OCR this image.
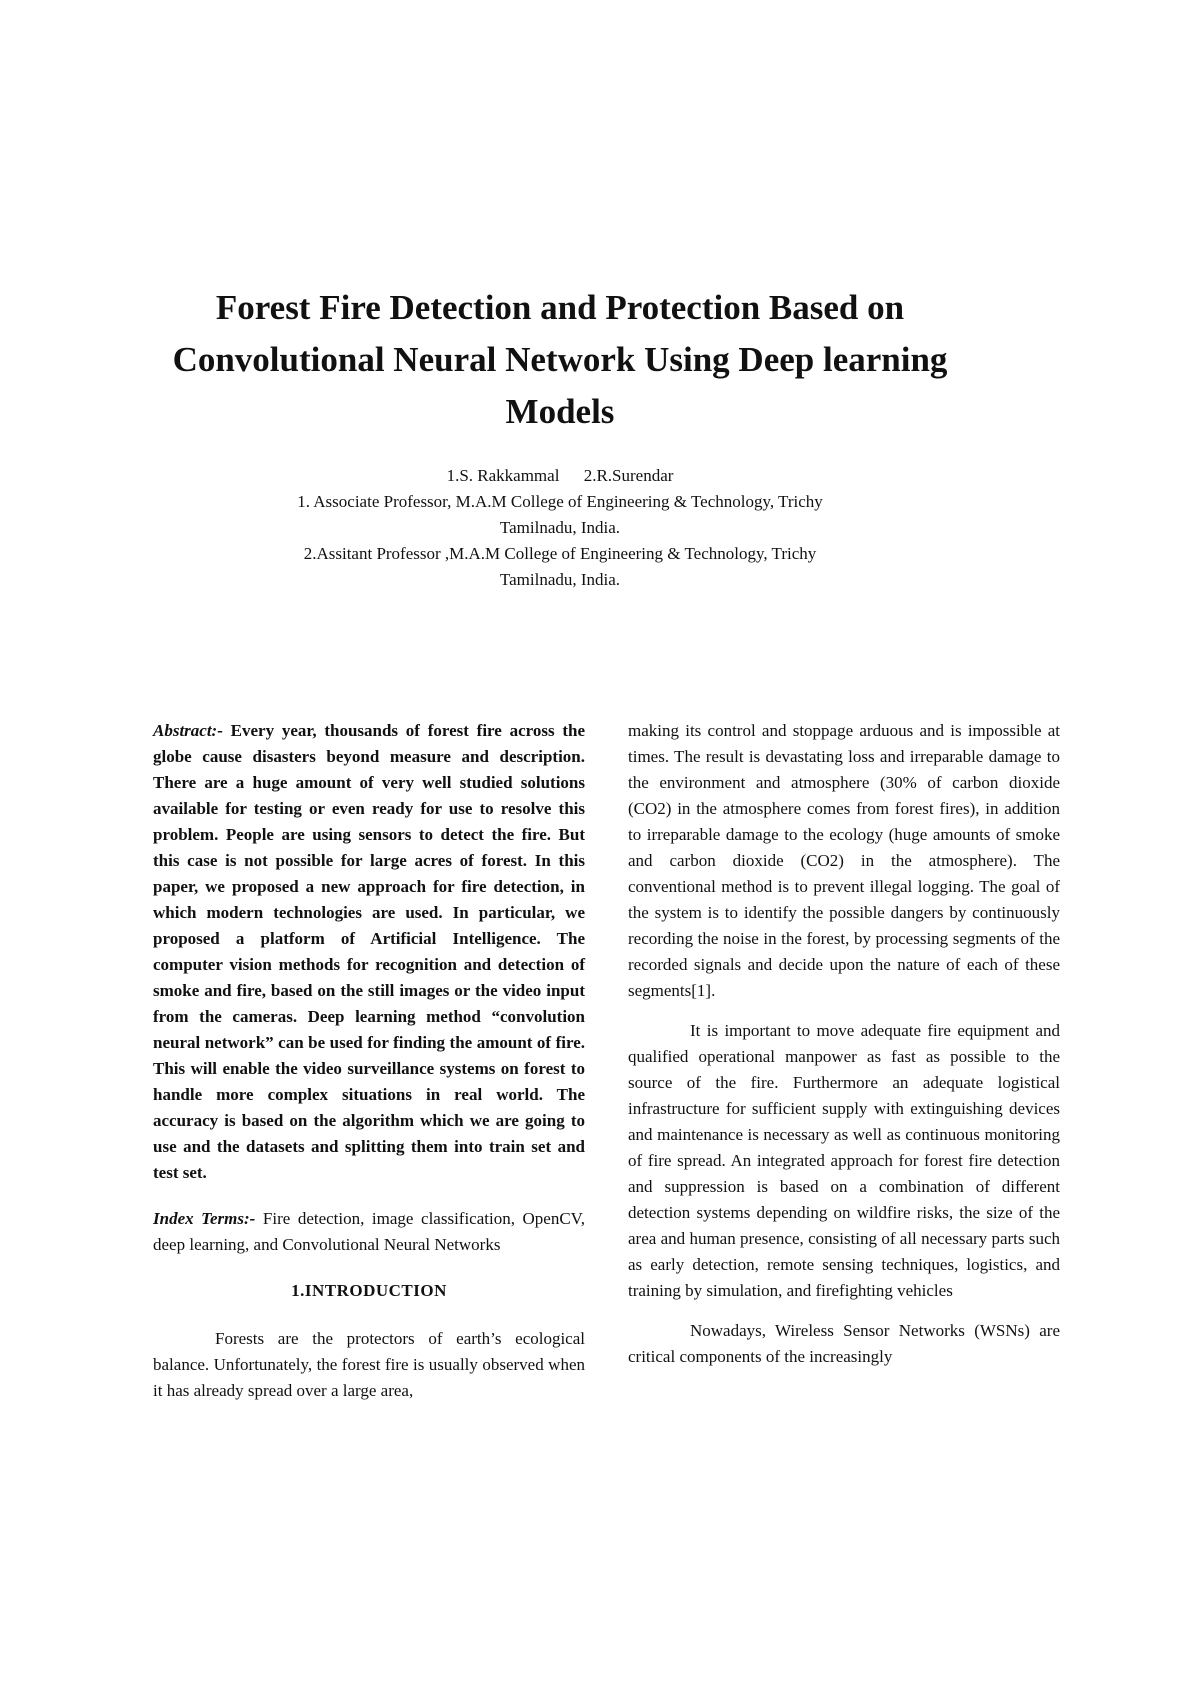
Forest Fire Detection and Protection Based on Convolutional Neural Network Using Deep learning Models
1.S. Rakkammal 2.R.Surendar
1. Associate Professor, M.A.M College of Engineering & Technology, Trichy
Tamilnadu, India.
2.Assitant Professor ,M.A.M College of Engineering & Technology, Trichy
Tamilnadu, India.

Abstract:- Every year, thousands of forest fire across the globe cause disasters beyond measure and description. There are a huge amount of very well studied solutions available for testing or even ready for use to resolve this problem. People are using sensors to detect the fire. But this case is not possible for large acres of forest. In this paper, we proposed a new approach for fire detection, in which modern technologies are used. In particular, we proposed a platform of Artificial Intelligence. The computer vision methods for recognition and detection of smoke and fire, based on the still images or the video input from the cameras. Deep learning method “convolution neural network” can be used for finding the amount of fire. This will enable the video surveillance systems on forest to handle more complex situations in real world. The accuracy is based on the algorithm which we are going to use and the datasets and splitting them into train set and test set.

Index Terms:- Fire detection, image classification, OpenCV, deep learning, and Convolutional Neural Networks

1.INTRODUCTION

Forests are the protectors of earth’s ecological balance. Unfortunately, the forest fire is usually observed when it has already spread over a large area,

making its control and stoppage arduous and is impossible at times. The result is devastating loss and irreparable damage to the environment and atmosphere (30% of carbon dioxide (CO2) in the atmosphere comes from forest fires), in addition to irreparable damage to the ecology (huge amounts of smoke and carbon dioxide (CO2) in the atmosphere). The conventional method is to prevent illegal logging. The goal of the system is to identify the possible dangers by continuously recording the noise in the forest, by processing segments of the recorded signals and decide upon the nature of each of these segments[1].

It is important to move adequate fire equipment and qualified operational manpower as fast as possible to the source of the fire. Furthermore an adequate logistical infrastructure for sufficient supply with extinguishing devices and maintenance is necessary as well as continuous monitoring of fire spread. An integrated approach for forest fire detection and suppression is based on a combination of different detection systems depending on wildfire risks, the size of the area and human presence, consisting of all necessary parts such as early detection, remote sensing techniques, logistics, and training by simulation, and firefighting vehicles

Nowadays, Wireless Sensor Networks (WSNs) are critical components of the increasingly
